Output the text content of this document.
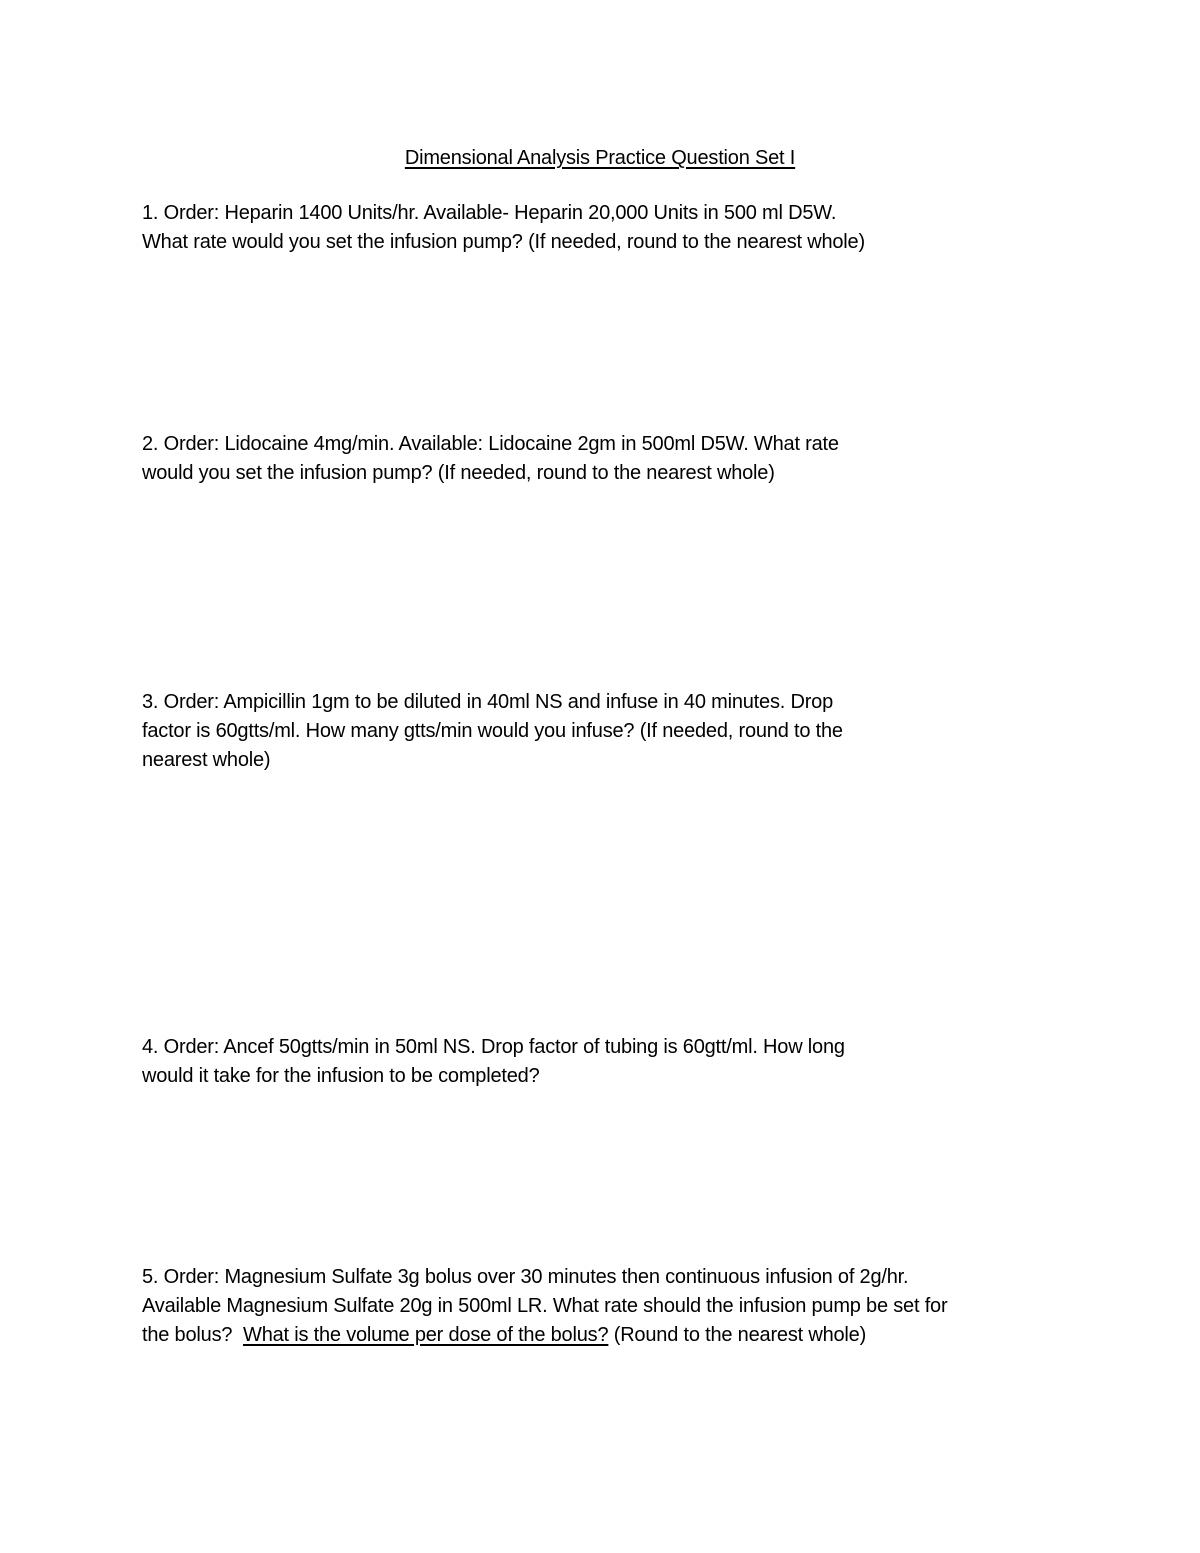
Dimensional Analysis Practice Question Set I
1. Order: Heparin 1400 Units/hr. Available- Heparin 20,000 Units in 500 ml D5W.
What rate would you set the infusion pump? (If needed, round to the nearest whole)
2. Order: Lidocaine 4mg/min. Available: Lidocaine 2gm in 500ml D5W. What rate
would you set the infusion pump? (If needed, round to the nearest whole)
3. Order: Ampicillin 1gm to be diluted in 40ml NS and infuse in 40 minutes. Drop
factor is 60gtts/ml. How many gtts/min would you infuse? (If needed, round to the
nearest whole)
4. Order: Ancef 50gtts/min in 50ml NS. Drop factor of tubing is 60gtt/ml. How long
would it take for the infusion to be completed?
5. Order: Magnesium Sulfate 3g bolus over 30 minutes then continuous infusion of 2g/hr.
Available Magnesium Sulfate 20g in 500ml LR. What rate should the infusion pump be set for
the bolus?  What is the volume per dose of the bolus? (Round to the nearest whole)
